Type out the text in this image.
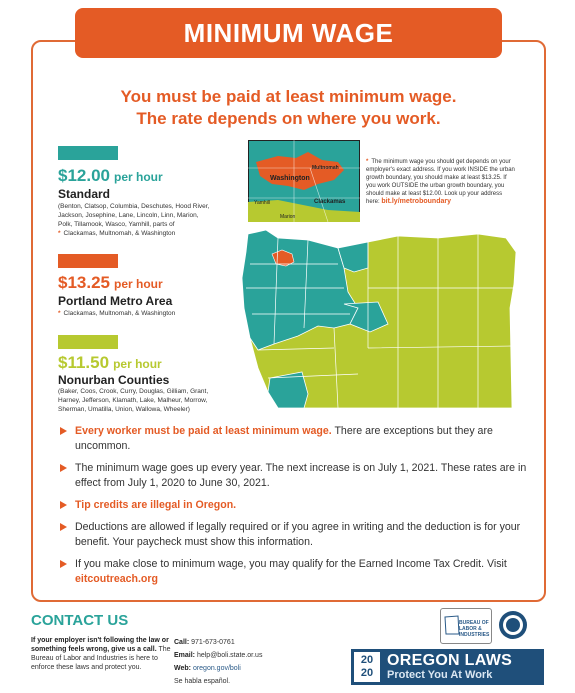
MINIMUM WAGE
You must be paid at least minimum wage.
The rate depends on where you work.
$12.00 per hour
Standard
(Benton, Clatsop, Columbia, Deschutes, Hood River,
Jackson, Josephine, Lane, Lincoln, Linn, Marion,
Polk, Tillamook, Wasco, Yamhill, parts of
* Clackamas, Multnomah, & Washington
$13.25 per hour
Portland Metro Area
* Clackamas, Multnomah, & Washington
$11.50 per hour
Nonurban Counties
(Baker, Coos, Crook, Curry, Douglas, Gilliam, Grant,
Harney, Jefferson, Klamath, Lake, Malheur, Morrow,
Sherman, Umatilla, Union, Wallowa, Wheeler)
Washington
Multnomah
Clackamas
Yamhill
Marion
* The minimum wage you should get depends on your employer's exact address. If you work INSIDE the urban growth boundary, you should make at least $13.25. If you work OUTSIDE the urban growth boundary, you should make at least $12.00. Look up your address here: bit.ly/metroboundary
Every worker must be paid at least minimum wage. There are exceptions but they are uncommon.
The minimum wage goes up every year. The next increase is on July 1, 2021. These rates are in effect from July 1, 2020 to June 30, 2021.
Tip credits are illegal in Oregon.
Deductions are allowed if legally required or if you agree in writing and the deduction is for your benefit. Your paycheck must show this information.
If you make close to minimum wage, you may qualify for the Earned Income Tax Credit. Visit eitcoutreach.org
CONTACT US
If your employer isn't following the law or something feels wrong, give us a call. The Bureau of Labor and Industries is here to enforce these laws and protect you.
Call: 971-673-0761
Email: help@boli.state.or.us
Web: oregon.gov/boli
Se habla español.
BUREAU OF
LABOR &
INDUSTRIES
20
20
OREGON LAWS
Protect You At Work
